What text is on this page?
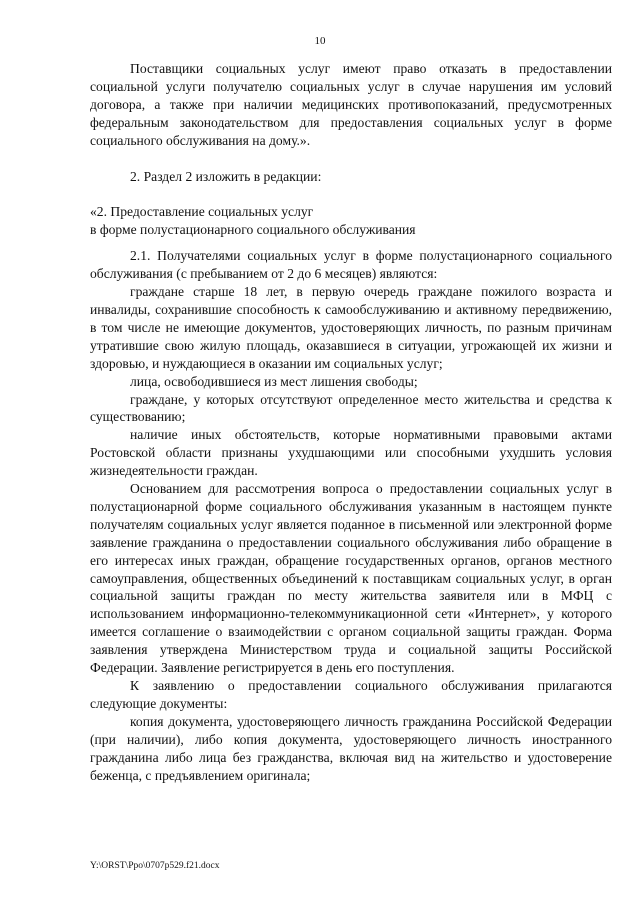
10

Поставщики социальных услуг имеют право отказать в предоставлении социальной услуги получателю социальных услуг в случае нарушения им условий договора, а также при наличии медицинских противопоказаний, предусмотренных федеральным законодательством для предоставления социальных услуг в форме социального обслуживания на дому.».

2. Раздел 2 изложить в редакции:

«2. Предоставление социальных услуг

в форме полустационарного социального обслуживания

2.1. Получателями социальных услуг в форме полустационарного социального обслуживания (с пребыванием от 2 до 6 месяцев) являются:

граждане старше 18 лет, в первую очередь граждане пожилого возраста и инвалиды, сохранившие способность к самообслуживанию и активному передвижению, в том числе не имеющие документов, удостоверяющих личность, по разным причинам утратившие свою жилую площадь, оказавшиеся в ситуации, угрожающей их жизни и здоровью, и нуждающиеся в оказании им социальных услуг;

лица, освободившиеся из мест лишения свободы;

граждане, у которых отсутствуют определенное место жительства и средства к существованию;

наличие иных обстоятельств, которые нормативными правовыми актами Ростовской области признаны ухудшающими или способными ухудшить условия жизнедеятельности граждан.

Основанием для рассмотрения вопроса о предоставлении социальных услуг в полустационарной форме социального обслуживания указанным в настоящем пункте получателям социальных услуг является поданное в письменной или электронной форме заявление гражданина о предоставлении социального обслуживания либо обращение в его интересах иных граждан, обращение государственных органов, органов местного самоуправления, общественных объединений к поставщикам социальных услуг, в орган социальной защиты граждан по месту жительства заявителя или в МФЦ с использованием информационно-телекоммуникационной сети «Интернет», у которого имеется соглашение о взаимодействии с органом социальной защиты граждан. Форма заявления утверждена Министерством труда и социальной защиты Российской Федерации. Заявление регистрируется в день его поступления.

К заявлению о предоставлении социального обслуживания прилагаются следующие документы:

копия документа, удостоверяющего личность гражданина Российской Федерации (при наличии), либо копия документа, удостоверяющего личность иностранного гражданина либо лица без гражданства, включая вид на жительство и удостоверение беженца, с предъявлением оригинала;

Y:\ORST\Ppo\0707p529.f21.docx
